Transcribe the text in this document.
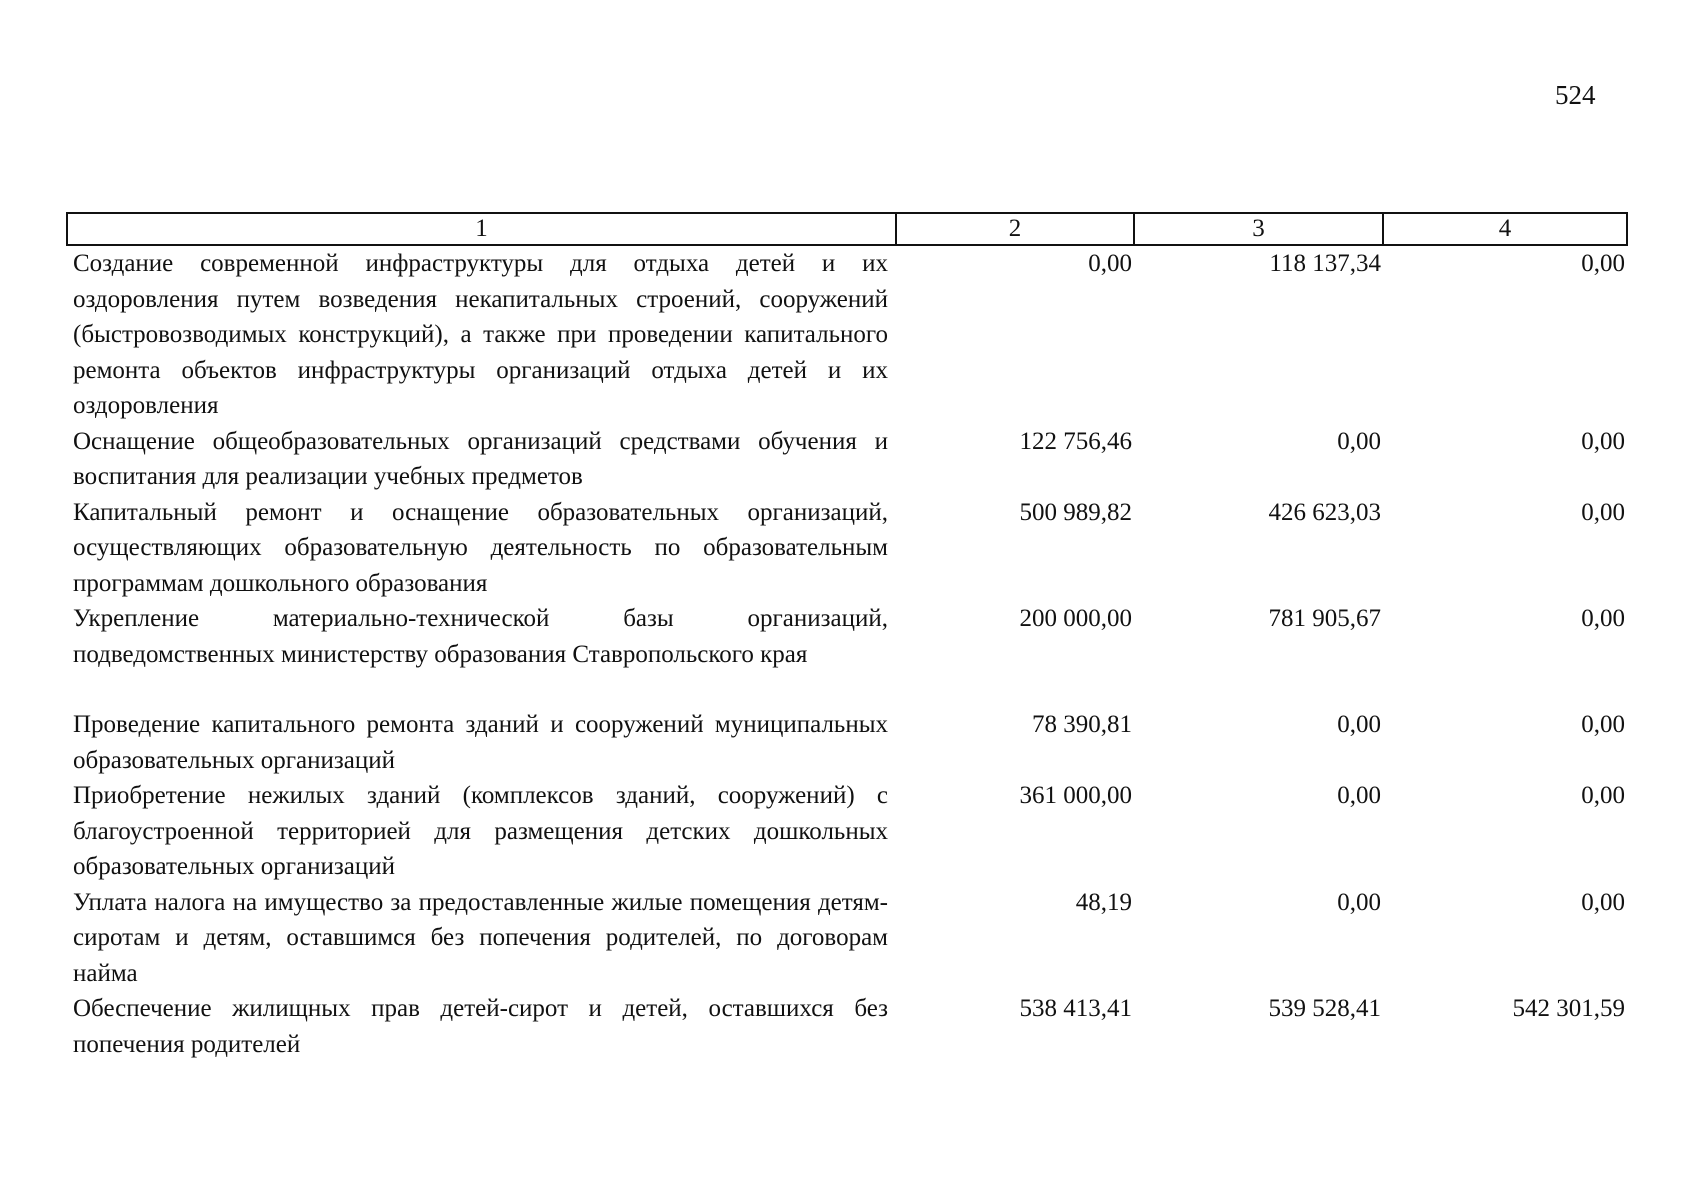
524
1	2	3	4
Создание современной инфраструктуры для отдыха детей и их оздоровления путем возведения некапитальных строений, сооружений (быстровозводимых конструкций), а также при проведении капитального ремонта объектов инфраструктуры организаций отдыха детей и их оздоровления	0,00	118 137,34	0,00
Оснащение общеобразовательных организаций средствами обучения и воспитания для реализации учебных предметов	122 756,46	0,00	0,00
Капитальный ремонт и оснащение образовательных организаций, осуществляющих образовательную деятельность по образовательным программам дошкольного образования	500 989,82	426 623,03	0,00
Укрепление материально-технической базы организаций, подведомственных министерству образования Ставропольского края	200 000,00	781 905,67	0,00
Проведение капитального ремонта зданий и сооружений муниципальных образовательных организаций	78 390,81	0,00	0,00
Приобретение нежилых зданий (комплексов зданий, сооружений) с благоустроенной территорией для размещения детских дошкольных образовательных организаций	361 000,00	0,00	0,00
Уплата налога на имущество за предоставленные жилые помещения детям-сиротам и детям, оставшимся без попечения родителей, по договорам найма	48,19	0,00	0,00
Обеспечение жилищных прав детей-сирот и детей, оставшихся без попечения родителей	538 413,41	539 528,41	542 301,59
